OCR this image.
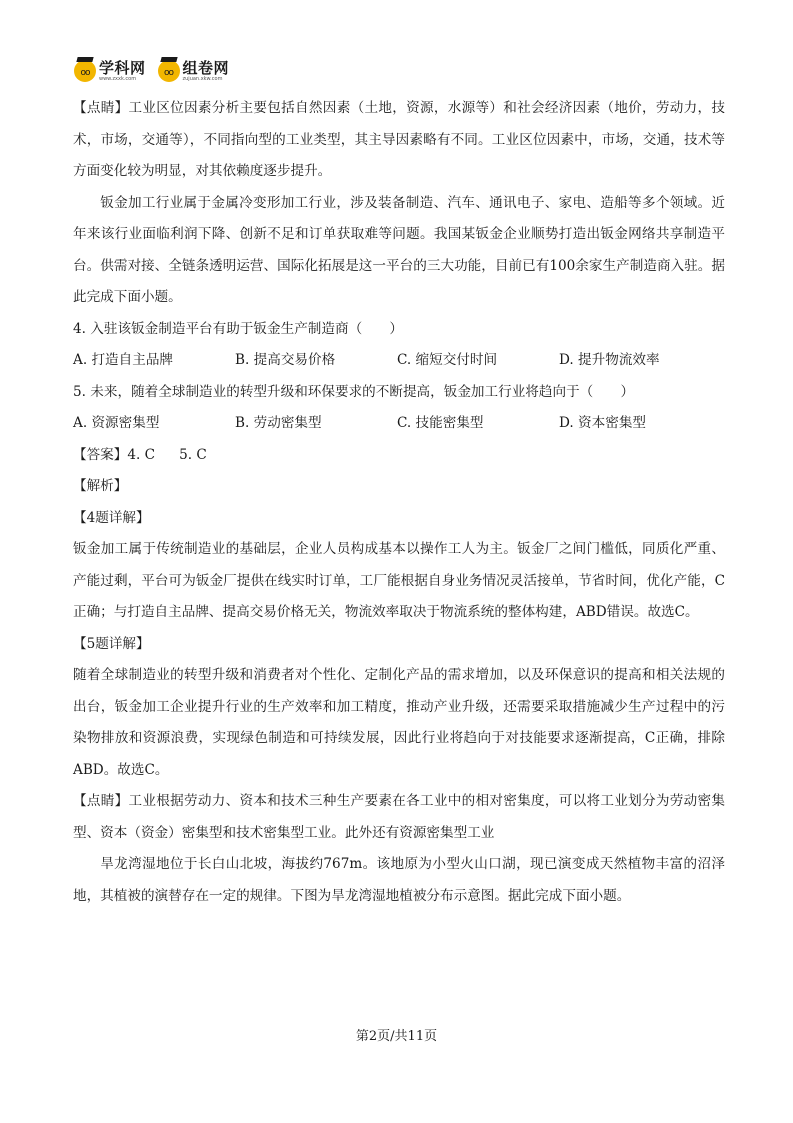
oo 学科网
www.zxxk.com
oo 组卷网
zujuan.xkw.com

【点睛】工业区位因素分析主要包括自然因素（土地，资源，水源等）和社会经济因素（地价，劳动力，技术，市场，交通等），不同指向型的工业类型，其主导因素略有不同。工业区位因素中，市场，交通，技术等方面变化较为明显，对其依赖度逐步提升。

钣金加工行业属于金属冷变形加工行业，涉及装备制造、汽车、通讯电子、家电、造船等多个领域。近年来该行业面临利润下降、创新不足和订单获取难等问题。我国某钣金企业顺势打造出钣金网络共享制造平台。供需对接、全链条透明运营、国际化拓展是这一平台的三大功能，目前已有100余家生产制造商入驻。据此完成下面小题。

4. 入驻该钣金制造平台有助于钣金生产制造商（　　）

A. 打造自主品牌	B. 提高交易价格	C. 缩短交付时间	D. 提升物流效率

5. 未来，随着全球制造业的转型升级和环保要求的不断提高，钣金加工行业将趋向于（　　）

A. 资源密集型	B. 劳动密集型	C. 技能密集型	D. 资本密集型
【答案】 4. C 5. C

【解析】

【4题详解】

钣金加工属于传统制造业的基础层，企业人员构成基本以操作工人为主。钣金厂之间门槛低，同质化严重、产能过剩，平台可为钣金厂提供在线实时订单，工厂能根据自身业务情况灵活接单，节省时间，优化产能，C正确；与打造自主品牌、提高交易价格无关，物流效率取决于物流系统的整体构建，ABD错误。故选C。

【5题详解】

随着全球制造业的转型升级和消费者对个性化、定制化产品的需求增加，以及环保意识的提高和相关法规的出台，钣金加工企业提升行业的生产效率和加工精度，推动产业升级，还需要采取措施减少生产过程中的污染物排放和资源浪费，实现绿色制造和可持续发展，因此行业将趋向于对技能要求逐渐提高，C正确，排除ABD。故选C。

【点睛】工业根据劳动力、资本和技术三种生产要素在各工业中的相对密集度，可以将工业划分为劳动密集型、资本（资金）密集型和技术密集型工业。此外还有资源密集型工业

旱龙湾湿地位于长白山北坡，海拔约767m。该地原为小型火山口湖，现已演变成天然植物丰富的沼泽地，其植被的演替存在一定的规律。下图为旱龙湾湿地植被分布示意图。据此完成下面小题。

第2页/共11页
